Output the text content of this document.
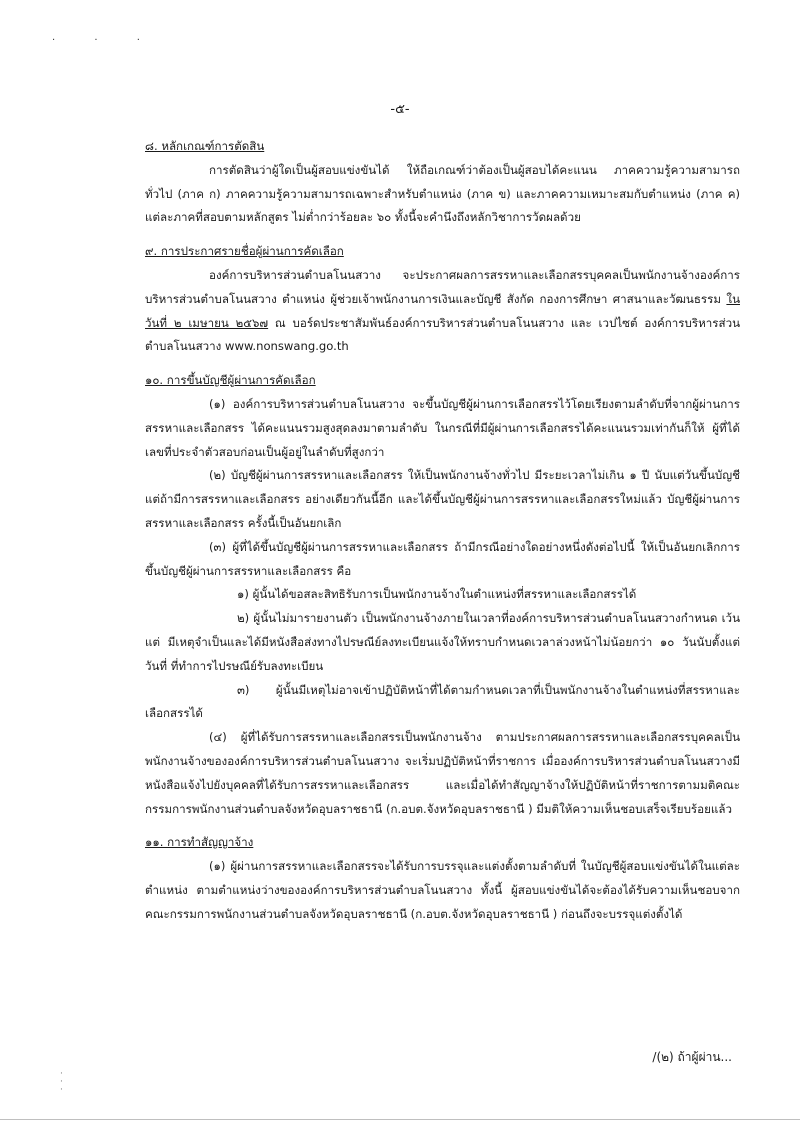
. . .
-๕-

๘. หลักเกณฑ์การตัดสิน

การตัดสินว่าผู้ใดเป็นผู้สอบแข่งขันได้ ให้ถือเกณฑ์ว่าต้องเป็นผู้สอบได้คะแนน ภาคความรู้ความสามารถทั่วไป (ภาค ก) ภาคความรู้ความสามารถเฉพาะสำหรับตำแหน่ง (ภาค ข) และภาคความเหมาะสมกับตำแหน่ง (ภาค ค) แต่ละภาคที่สอบตามหลักสูตร ไม่ต่ำกว่าร้อยละ ๖๐ ทั้งนี้จะคำนึงถึงหลักวิชาการวัดผลด้วย

๙. การประกาศรายชื่อผู้ผ่านการคัดเลือก

องค์การบริหารส่วนตำบลโนนสวาง จะประกาศผลการสรรหาและเลือกสรรบุคคลเป็นพนักงานจ้างองค์การบริหารส่วนตำบลโนนสวาง ตำแหน่ง ผู้ช่วยเจ้าพนักงานการเงินและบัญชี สังกัด กองการศึกษา ศาสนาและวัฒนธรรม ในวันที่ ๒ เมษายน ๒๕๖๗ ณ บอร์ดประชาสัมพันธ์องค์การบริหารส่วนตำบลโนนสวาง และ เวปไซต์ องค์การบริหารส่วนตำบลโนนสวาง www.nonswang.go.th

๑๐. การขึ้นบัญชีผู้ผ่านการคัดเลือก

(๑) องค์การบริหารส่วนตำบลโนนสวาง จะขึ้นบัญชีผู้ผ่านการเลือกสรรไว้โดยเรียงตามลำดับที่จากผู้ผ่านการสรรหาและเลือกสรร ได้คะแนนรวมสูงสุดลงมาตามลำดับ ในกรณีที่มีผู้ผ่านการเลือกสรรได้คะแนนรวมเท่ากันก็ให้ ผู้ที่ได้เลขที่ประจำตัวสอบก่อนเป็นผู้อยู่ในลำดับที่สูงกว่า

(๒) บัญชีผู้ผ่านการสรรหาและเลือกสรร ให้เป็นพนักงานจ้างทั่วไป มีระยะเวลาไม่เกิน ๑ ปี นับแต่วันขึ้นบัญชี แต่ถ้ามีการสรรหาและเลือกสรร อย่างเดียวกันนี้อีก และได้ขึ้นบัญชีผู้ผ่านการสรรหาและเลือกสรรใหม่แล้ว บัญชีผู้ผ่านการสรรหาและเลือกสรร ครั้งนี้เป็นอันยกเลิก

(๓) ผู้ที่ได้ขึ้นบัญชีผู้ผ่านการสรรหาและเลือกสรร ถ้ามีกรณีอย่างใดอย่างหนึ่งดังต่อไปนี้ ให้เป็นอันยกเลิกการขึ้นบัญชีผู้ผ่านการสรรหาและเลือกสรร คือ

๑) ผู้นั้นได้ขอสละสิทธิรับการเป็นพนักงานจ้างในตำแหน่งที่สรรหาและเลือกสรรได้

๒) ผู้นั้นไม่มารายงานตัว เป็นพนักงานจ้างภายในเวลาที่องค์การบริหารส่วนตำบลโนนสวางกำหนด เว้นแต่ มีเหตุจำเป็นและได้มีหนังสือส่งทางไปรษณีย์ลงทะเบียนแจ้งให้ทราบกำหนดเวลาล่วงหน้าไม่น้อยกว่า ๑๐ วันนับตั้งแต่วันที่ ที่ทำการไปรษณีย์รับลงทะเบียน

๓) ผู้นั้นมีเหตุไม่อาจเข้าปฏิบัติหน้าที่ได้ตามกำหนดเวลาที่เป็นพนักงานจ้างในตำแหน่งที่สรรหาและเลือกสรรได้

(๔) ผู้ที่ได้รับการสรรหาและเลือกสรรเป็นพนักงานจ้าง ตามประกาศผลการสรรหาและเลือกสรรบุคคลเป็นพนักงานจ้างขององค์การบริหารส่วนตำบลโนนสวาง จะเริ่มปฏิบัติหน้าที่ราชการ เมื่อองค์การบริหารส่วนตำบลโนนสวางมีหนังสือแจ้งไปยังบุคคลที่ได้รับการสรรหาและเลือกสรร และเมื่อได้ทำสัญญาจ้างให้ปฏิบัติหน้าที่ราชการตามมติคณะกรรมการพนักงานส่วนตำบลจังหวัดอุบลราชธานี (ก.อบต.จังหวัดอุบลราชธานี ) มีมติให้ความเห็นชอบเสร็จเรียบร้อยแล้ว

๑๑. การทำสัญญาจ้าง

(๑) ผู้ผ่านการสรรหาและเลือกสรรจะได้รับการบรรจุและแต่งตั้งตามลำดับที่ ในบัญชีผู้สอบแข่งขันได้ในแต่ละตำแหน่ง ตามตำแหน่งว่างขององค์การบริหารส่วนตำบลโนนสวาง ทั้งนี้ ผู้สอบแข่งขันได้จะต้องได้รับความเห็นชอบจากคณะกรรมการพนักงานส่วนตำบลจังหวัดอุบลราชธานี (ก.อบต.จังหวัดอุบลราชธานี ) ก่อนถึงจะบรรจุแต่งตั้งได้

/(๒) ถ้าผู้ผ่าน...
·
·
·
